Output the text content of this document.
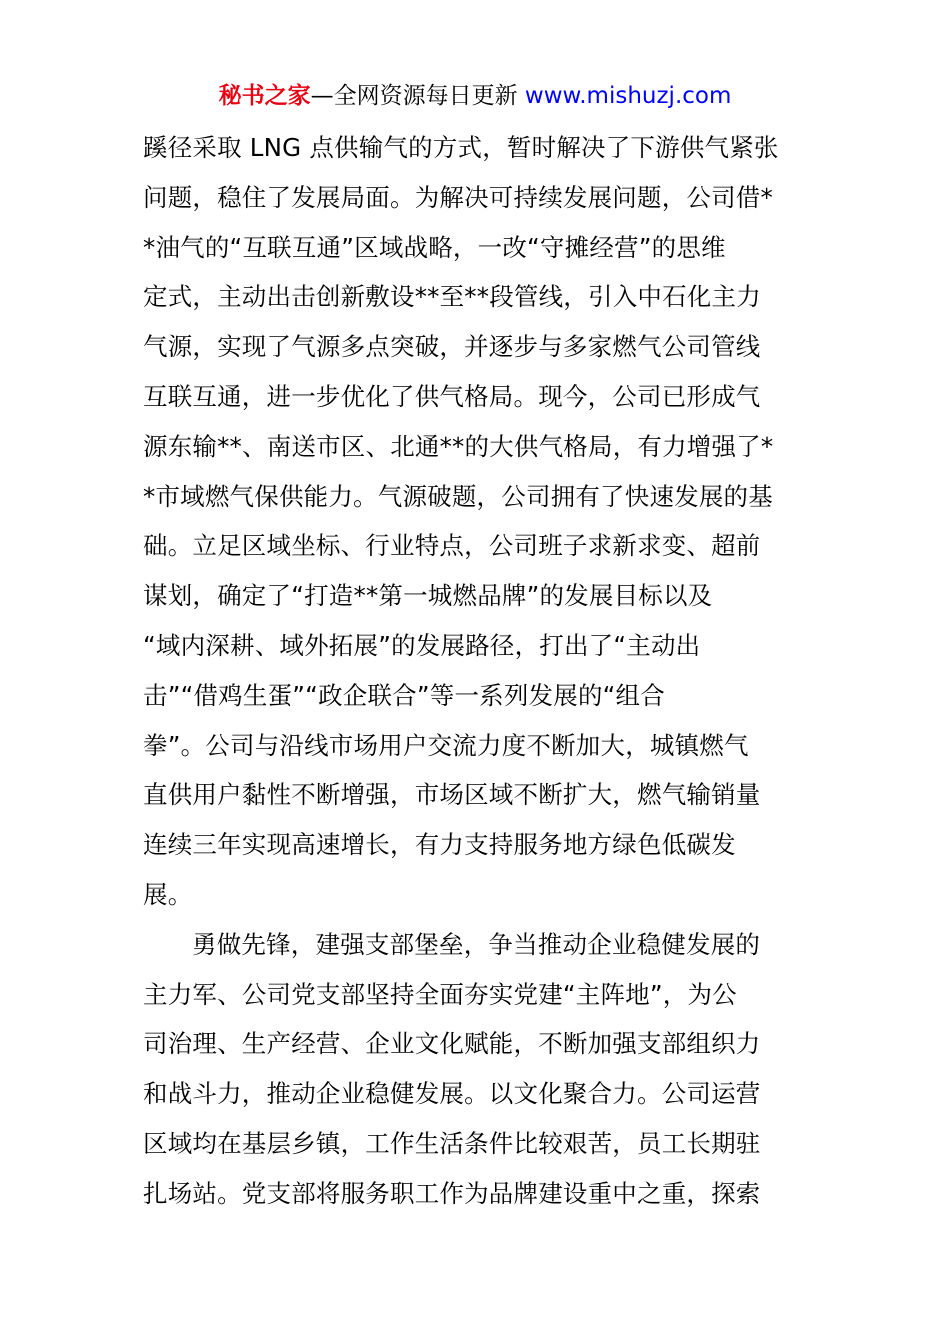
秘书之家—全网资源每日更新 www.mishuzj.com
蹊径采取 LNG 点供输气的方式，暂时解决了下游供气紧张
问题，稳住了发展局面。为解决可持续发展问题，公司借*
*油气的“互联互通”区域战略，一改“守摊经营”的思维
定式，主动出击创新敷设**至**段管线，引入中石化主力
气源，实现了气源多点突破，并逐步与多家燃气公司管线
互联互通，进一步优化了供气格局。现今，公司已形成气
源东输**、南送市区、北通**的大供气格局，有力增强了*
*市域燃气保供能力。气源破题，公司拥有了快速发展的基
础。立足区域坐标、行业特点，公司班子求新求变、超前
谋划，确定了“打造**第一城燃品牌”的发展目标以及
“域内深耕、域外拓展”的发展路径，打出了“主动出
击”“借鸡生蛋”“政企联合”等一系列发展的“组合
拳”。公司与沿线市场用户交流力度不断加大，城镇燃气
直供用户黏性不断增强，市场区域不断扩大，燃气输销量
连续三年实现高速增长，有力支持服务地方绿色低碳发
展。
勇做先锋，建强支部堡垒，争当推动企业稳健发展的
主力军、公司党支部坚持全面夯实党建“主阵地”，为公
司治理、生产经营、企业文化赋能，不断加强支部组织力
和战斗力，推动企业稳健发展。以文化聚合力。公司运营
区域均在基层乡镇，工作生活条件比较艰苦，员工长期驻
扎场站。党支部将服务职工作为品牌建设重中之重，探索
